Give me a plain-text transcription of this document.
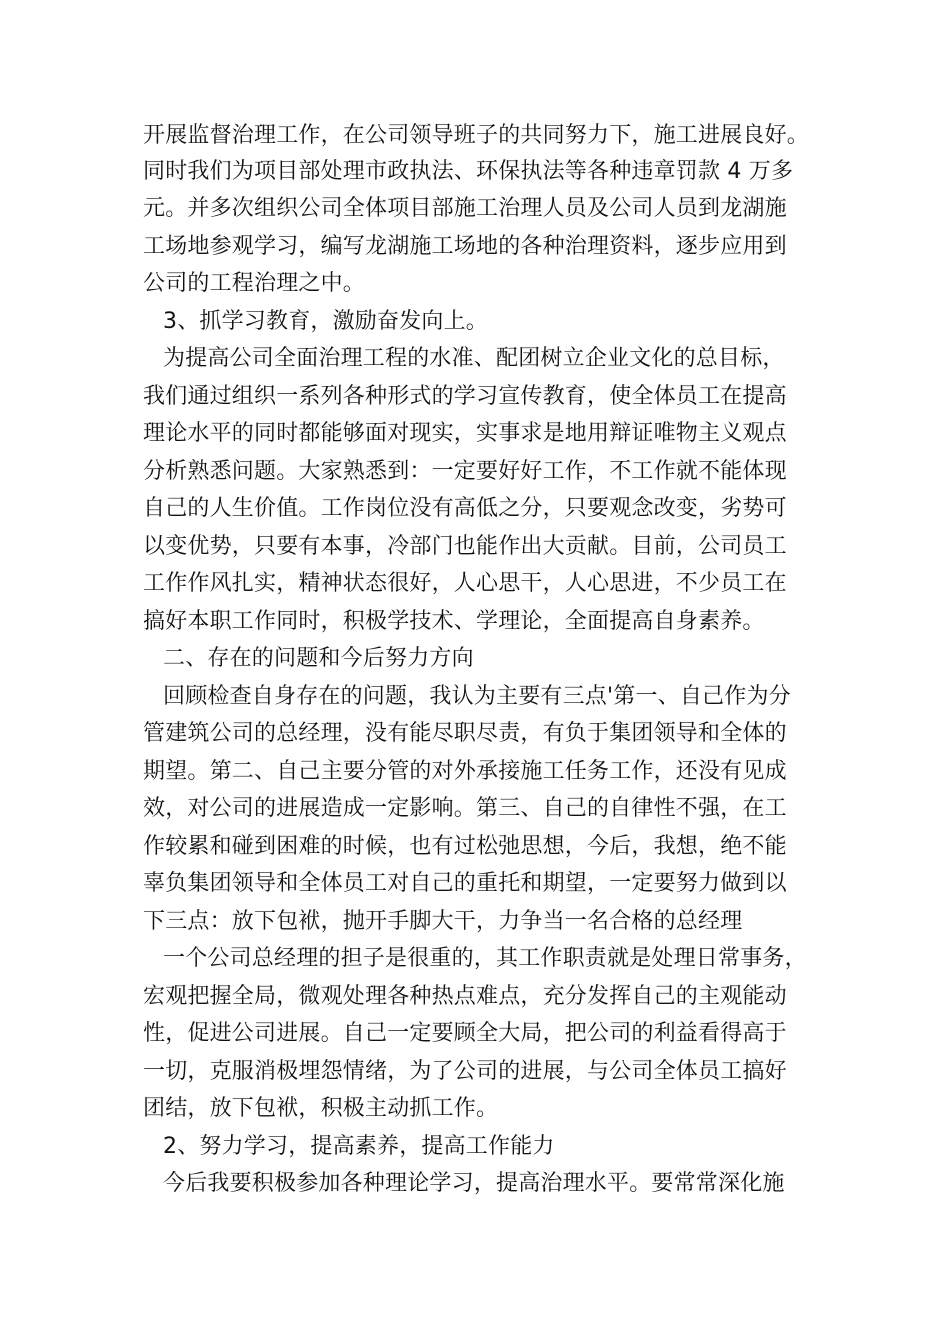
开展监督治理工作，在公司领导班子的共同努力下，施工进展良好。
同时我们为项目部处理市政执法、环保执法等各种违章罚款 4 万多
元。并多次组织公司全体项目部施工治理人员及公司人员到龙湖施
工场地参观学习，编写龙湖施工场地的各种治理资料，逐步应用到
公司的工程治理之中。
3、抓学习教育，激励奋发向上。
为提高公司全面治理工程的水准、配团树立企业文化的总目标，
我们通过组织一系列各种形式的学习宣传教育，使全体员工在提高
理论水平的同时都能够面对现实，实事求是地用辩证唯物主义观点
分析熟悉问题。大家熟悉到：一定要好好工作，不工作就不能体现
自己的人生价值。工作岗位没有高低之分，只要观念改变，劣势可
以变优势，只要有本事，冷部门也能作出大贡献。目前，公司员工
工作作风扎实，精神状态很好，人心思干，人心思进，不少员工在
搞好本职工作同时，积极学技术、学理论，全面提高自身素养。
二、存在的问题和今后努力方向
回顾检查自身存在的问题，我认为主要有三点'第一、自己作为分
管建筑公司的总经理，没有能尽职尽责，有负于集团领导和全体的
期望。第二、自己主要分管的对外承接施工任务工作，还没有见成
效，对公司的进展造成一定影响。第三、自己的自律性不强，在工
作较累和碰到困难的时候，也有过松弛思想，今后，我想，绝不能
辜负集团领导和全体员工对自己的重托和期望，一定要努力做到以
下三点：放下包袱，抛开手脚大干，力争当一名合格的总经理
一个公司总经理的担子是很重的，其工作职责就是处理日常事务，
宏观把握全局，微观处理各种热点难点，充分发挥自己的主观能动
性，促进公司进展。自己一定要顾全大局，把公司的利益看得高于
一切，克服消极埋怨情绪，为了公司的进展，与公司全体员工搞好
团结，放下包袱，积极主动抓工作。
2、努力学习，提高素养，提高工作能力
今后我要积极参加各种理论学习，提高治理水平。要常常深化施
